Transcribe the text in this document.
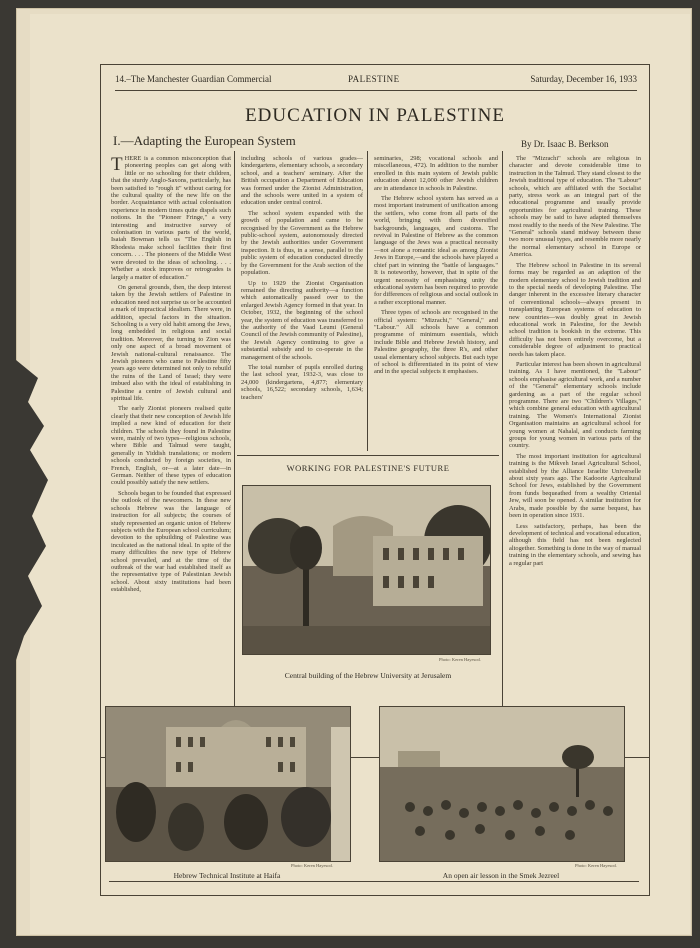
14.–The Manchester Guardian Commercial	PALESTINE	Saturday, December 16, 1933
EDUCATION IN PALESTINE
I.—Adapting the European System	By Dr. Isaac B. Berkson

THERE is a common misconception that pioneering peoples can get along with little or no schooling for their children, that the sturdy Anglo-Saxons, particularly, has been satisfied to "rough it" without caring for the cultural quality of the new life on the border. Acquaintance with actual colonisation experience in modern times quite dispels such notions. In the "Pioneer Fringe," a very interesting and instructive survey of colonisation in various parts of the world, Isaiah Bowman tells us "The English in Rhodesia make school facilities their first concern. . . . The pioneers of the Middle West were devoted to the ideas of schooling. . . . Whether a stock improves or retrogrades is largely a matter of education."

On general grounds, then, the deep interest taken by the Jewish settlers of Palestine in education need not surprise us or be accounted a mark of impractical idealism. There were, in addition, special factors in the situation. Schooling is a very old habit among the Jews, long embedded in religious and social tradition. Moreover, the turning to Zion was only one aspect of a broad movement of Jewish national-cultural renaissance. The Jewish pioneers who came to Palestine fifty years ago were determined not only to rebuild the ruins of the Land of Israel; they were imbued also with the ideal of establishing in Palestine a centre of Jewish cultural and spiritual life.

The early Zionist pioneers realised quite clearly that their new conception of Jewish life implied a new kind of education for their children. The schools they found in Palestine were, mainly of two types—religious schools, where Bible and Talmud were taught, generally in Yiddish translations; or modern schools conducted by foreign societies, in French, English, or—at a later date—in German. Neither of these types of education could possibly satisfy the new settlers.

Schools began to be founded that expressed the outlook of the newcomers. In these new schools Hebrew was the language of instruction for all subjects; the courses of study represented an organic union of Hebrew subjects with the European school curriculum; devotion to the upbuilding of Palestine was inculcated as the national ideal. In spite of the many difficulties the new type of Hebrew school prevailed, and at the time of the outbreak of the war had established itself as the representative type of Palestinian Jewish school. About sixty institutions had been established,

including schools of various grades—kindergartens, elementary schools, a secondary school, and a teachers' seminary. After the British occupation a Department of Education was formed under the Zionist Administration, and the schools were united in a system of education under central control.

The school system expanded with the growth of population and came to be recognised by the Government as the Hebrew public-school system, autonomously directed by the Jewish authorities under Government inspection. It is thus, in a sense, parallel to the public system of education conducted directly by the Government for the Arab section of the population.

Up to 1929 the Zionist Organisation remained the directing authority—a function which automatically passed over to the enlarged Jewish Agency formed in that year. In October, 1932, the beginning of the school year, the system of education was transferred to the authority of the Vaad Leumi (General Council of the Jewish community of Palestine), the Jewish Agency continuing to give a substantial subsidy and to co-operate in the management of the schools.

The total number of pupils enrolled during the last school year, 1932-3, was close to 24,000 (kindergartens, 4,877; elementary schools, 16,522; secondary schools, 1,634; teachers'

seminaries, 298; vocational schools and miscellaneous, 472). In addition to the number enrolled in this main system of Jewish public education about 12,000 other Jewish children are in attendance in schools in Palestine.

The Hebrew school system has served as a most important instrument of unification among the settlers, who come from all parts of the world, bringing with them diversified backgrounds, languages, and customs. The revival in Palestine of Hebrew as the common language of the Jews was a practical necessity—not alone a romantic ideal as among Zionist Jews in Europe,—and the schools have played a chief part in winning the "battle of languages." It is noteworthy, however, that in spite of the urgent necessity of emphasising unity the educational system has been required to provide for differences of religious and social outlook in a rather exceptional manner.

Three types of schools are recognised in the official system: "Mizrachi," "General," and "Labour." All schools have a common programme of minimum essentials, which include Bible and Hebrew Jewish history, and Palestine geography, the three R's, and other usual elementary school subjects. But each type of school is differentiated in its point of view and in the special subjects it emphasises.

The "Mizrachi" schools are religious in character and devote considerable time to instruction in the Talmud. They stand closest to the Jewish traditional type of education. The "Labour" schools, which are affiliated with the Socialist party, stress work as an integral part of the educational programme and usually provide opportunities for agricultural training. These schools may be said to have adapted themselves most readily to the needs of the New Palestine. The "General" schools stand midway between these two more unusual types, and resemble more nearly the normal elementary school in Europe or America.

The Hebrew school in Palestine in its several forms may be regarded as an adaption of the modern elementary school to Jewish tradition and to the special needs of developing Palestine. The danger inherent in the excessive literary character of conventional schools—always present in transplanting European systems of education to new countries—was doubly great in Jewish educational work in Palestine, for the Jewish school tradition is bookish in the extreme. This difficulty has not been entirely overcome, but a considerable degree of adjustment to practical needs has taken place.

Particular interest has been shown in agricultural training. As I have mentioned, the "Labour" schools emphasise agricultural work, and a number of the "General" elementary schools include gardening as a part of the regular school programme. There are two "Children's Villages," which combine general education with agricultural training. The Women's International Zionist Organisation maintains an agricultural school for young women at Nahalal, and conducts farming groups for young women in various parts of the country.

The most important institution for agricultural training is the Mikveh Israel Agricultural School, established by the Alliance Israelite Universelle about sixty years ago. The Kadoorie Agricultural School for Jews, established by the Government from funds bequeathed from a wealthy Oriental Jew, will soon be opened. A similar institution for Arabs, made possible by the same bequest, has been in operation since 1931.

Less satisfactory, perhaps, has been the development of technical and vocational education, although this field has not been neglected altogether. Something is done in the way of manual training in the elementary schools, and sewing has a regular part

WORKING FOR PALESTINE'S FUTURE
Photo: Keren Hayesod.
Central building of the Hebrew University at Jerusalem
Photo: Keren Hayesod.
Hebrew Technical Institute at Haifa
Photo: Keren Hayesod.
An open air lesson in the Smek Jezreel
